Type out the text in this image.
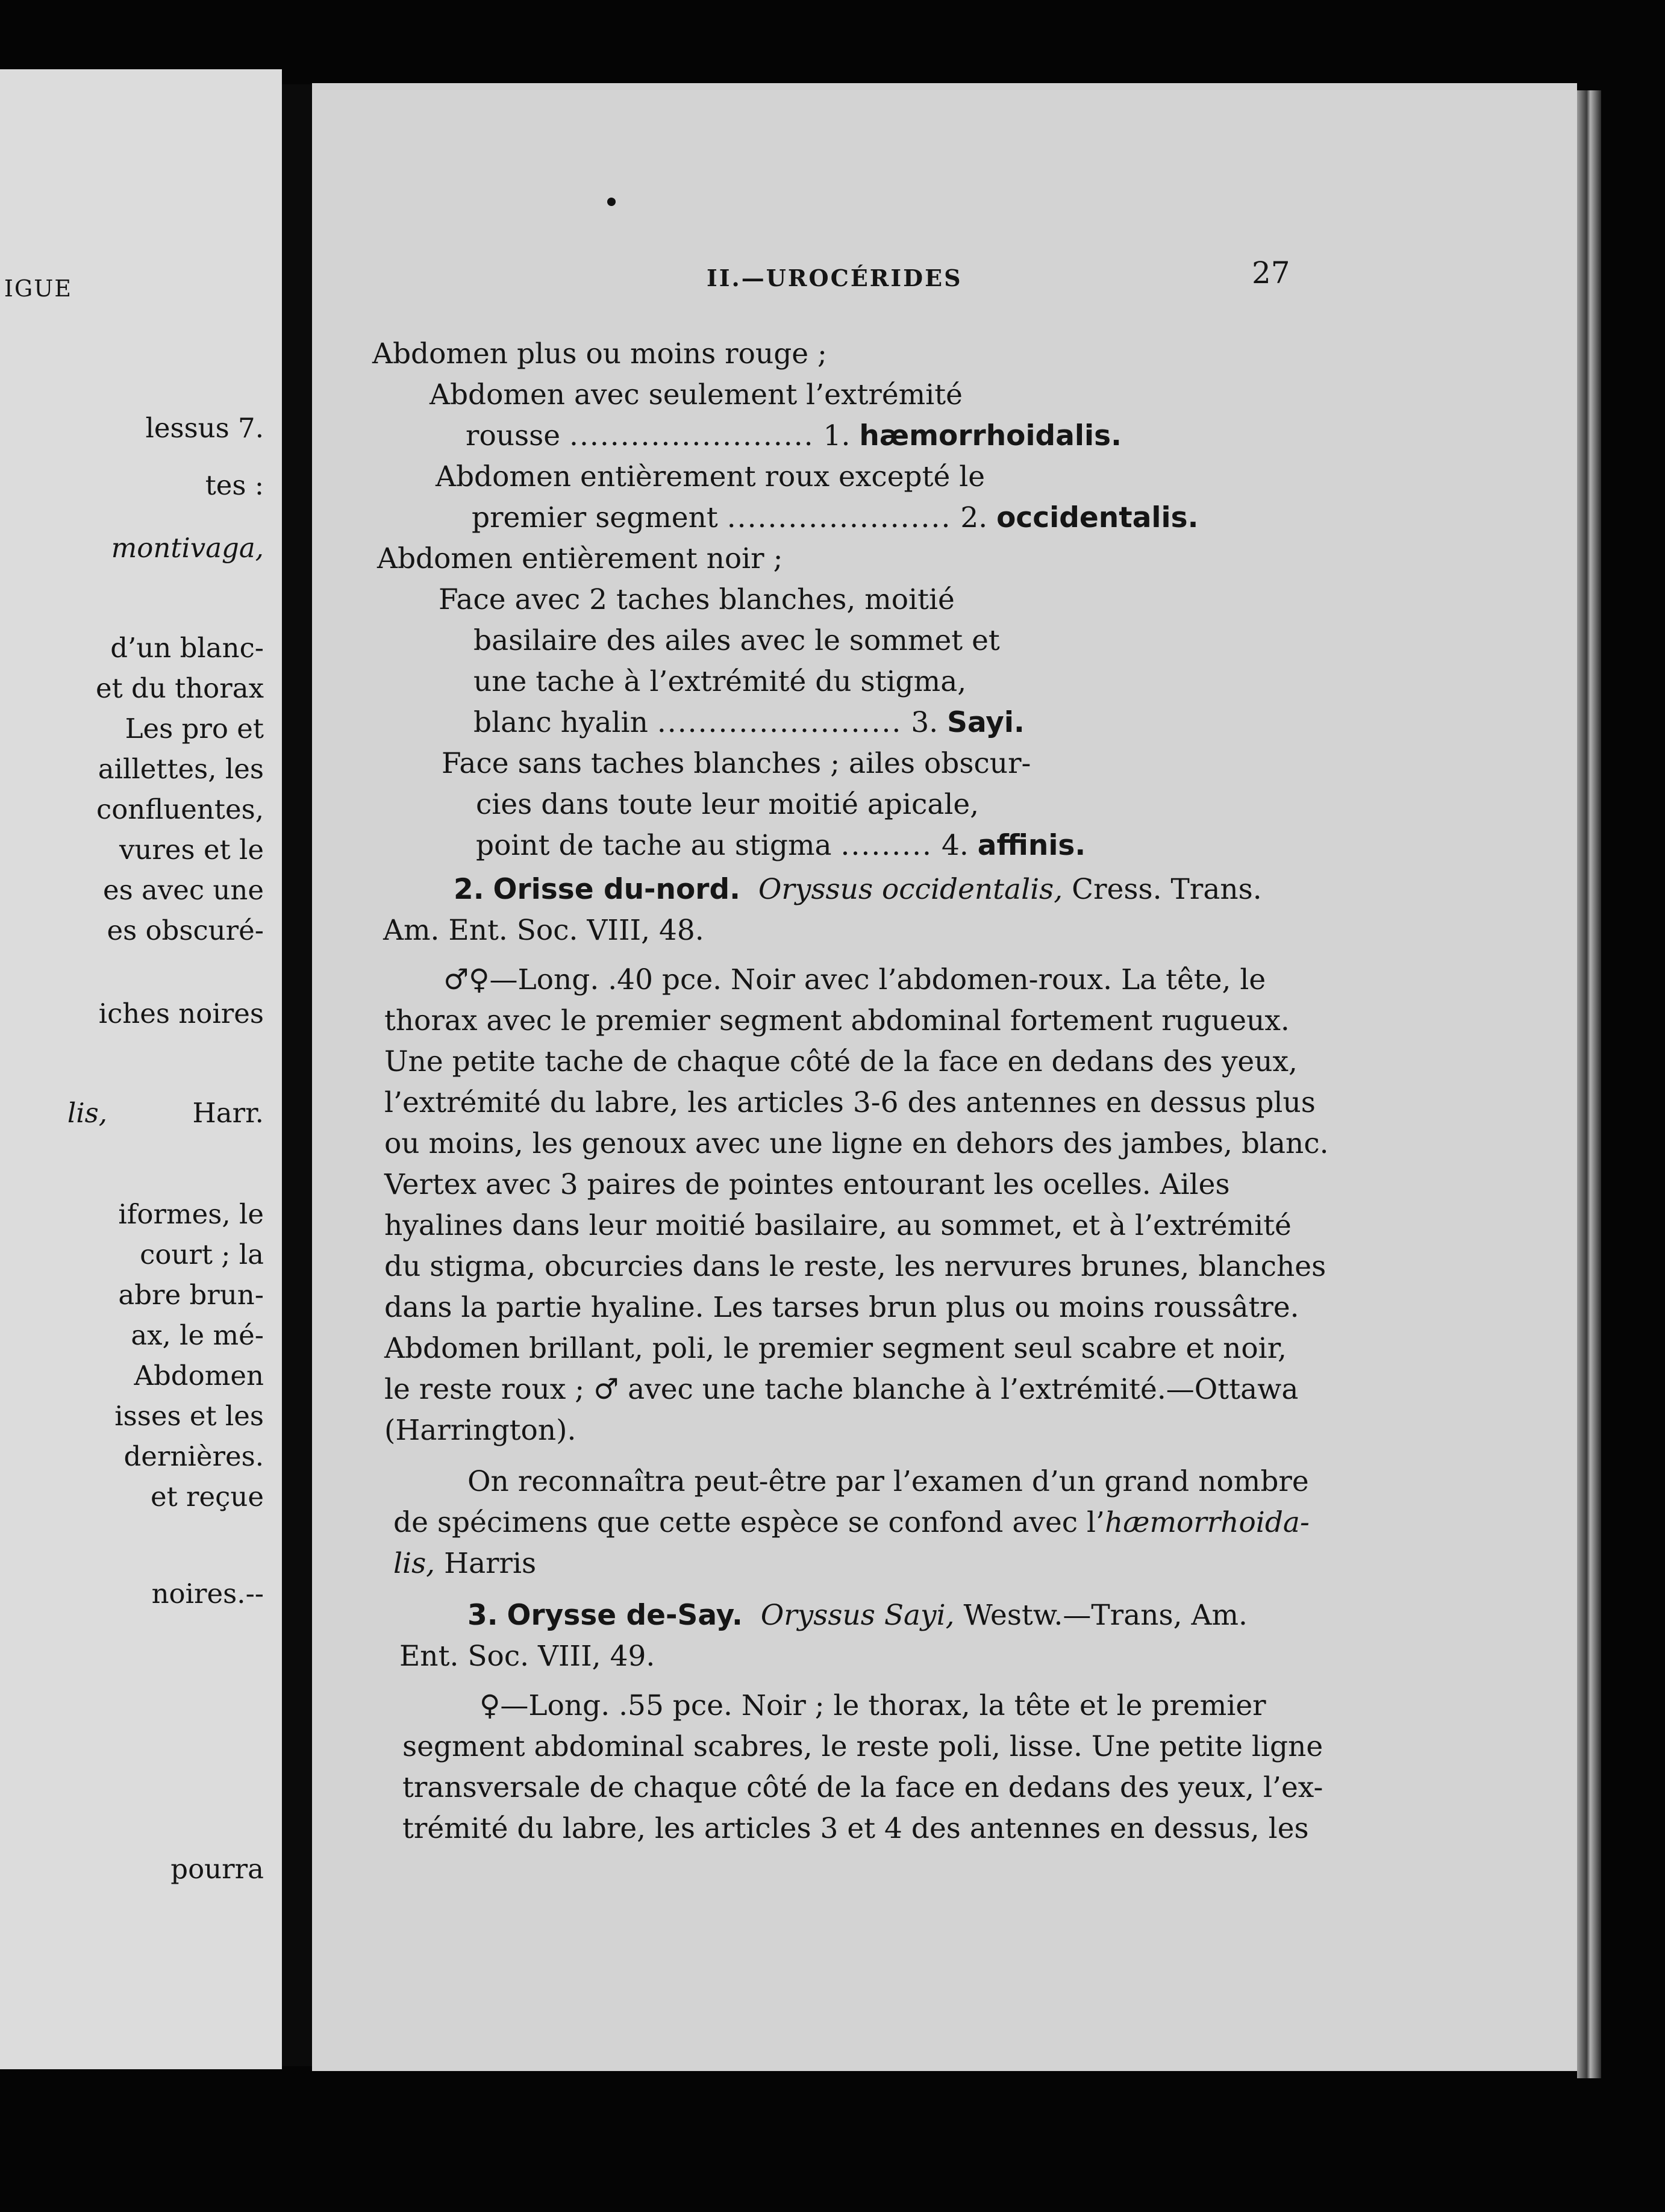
IGUE
lessus 7.
tes :
montivaga,
d’un blanc-
et du thorax
Les pro et
aillettes, les
confluentes,
vures et le
es avec une
es obscuré-
iches noires
lis,	Harr.
iformes, le
court ; la
abre brun-
ax, le mé-
Abdomen
isses et les
dernières.
et reçue
noires.--
pourra
II.—UROCÉRIDES	27
Abdomen plus ou moins rouge ;
Abdomen avec seulement l’extrémité
rousse ........................ 1. hæmorrhoidalis.
Abdomen entièrement roux excepté le
premier segment ...................... 2. occidentalis.
Abdomen entièrement noir ;
Face avec 2 taches blanches, moitié
basilaire des ailes avec le sommet et
une tache à l’extrémité du stigma,
blanc hyalin ........................ 3. Sayi.
Face sans taches blanches ; ailes obscur-
cies dans toute leur moitié apicale,
point de tache au stigma ......... 4. affinis.
2. Orisse du-nord. Oryssus occidentalis, Cress. Trans.
Am. Ent. Soc. VIII, 48.
♂♀—Long. .40 pce. Noir avec l’abdomen-roux. La tête, le
thorax avec le premier segment abdominal fortement rugueux.
Une petite tache de chaque côté de la face en dedans des yeux,
l’extrémité du labre, les articles 3-6 des antennes en dessus plus
ou moins, les genoux avec une ligne en dehors des jambes, blanc.
Vertex avec 3 paires de pointes entourant les ocelles. Ailes
hyalines dans leur moitié basilaire, au sommet, et à l’extrémité
du stigma, obcurcies dans le reste, les nervures brunes, blanches
dans la partie hyaline. Les tarses brun plus ou moins roussâtre.
Abdomen brillant, poli, le premier segment seul scabre et noir,
le reste roux ; ♂ avec une tache blanche à l’extrémité.—Ottawa
(Harrington).
On reconnaîtra peut-être par l’examen d’un grand nombre
de spécimens que cette espèce se confond avec l’hæmorrhoida-
lis, Harris
3. Orysse de-Say. Oryssus Sayi, Westw.—Trans, Am.
Ent. Soc. VIII, 49.
♀—Long. .55 pce. Noir ; le thorax, la tête et le premier
segment abdominal scabres, le reste poli, lisse. Une petite ligne
transversale de chaque côté de la face en dedans des yeux, l’ex-
trémité du labre, les articles 3 et 4 des antennes en dessus, les
